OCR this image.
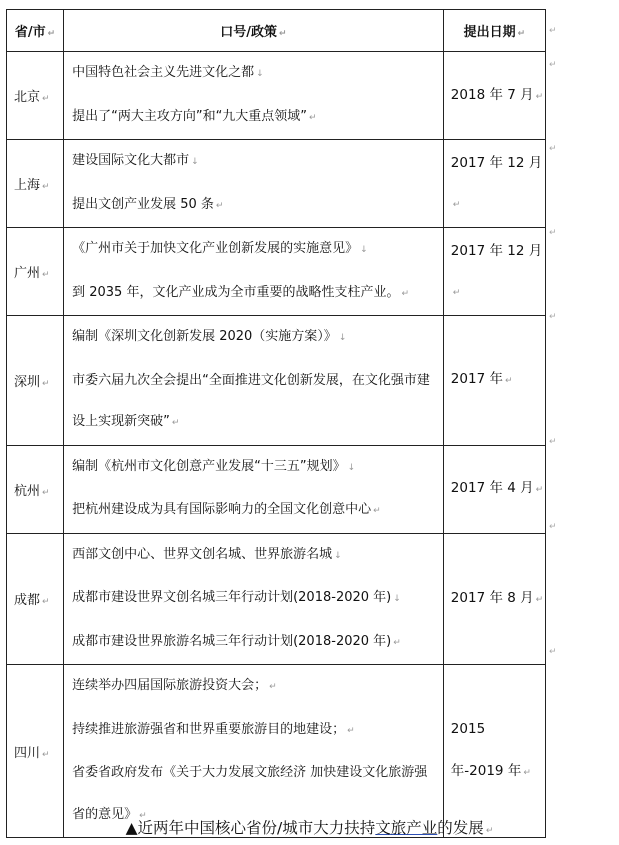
省/市 ↵	口号/政策 ↵	提出日期 ↵
北京 ↵	中国特色社会主义先进文化之都 ↓
提出了“两大主攻方向”和“九大重点领域” ↵	2018 年 7 月 ↵
上海 ↵	建设国际文化大都市 ↓
提出文创产业发展 50 条 ↵	2017 年 12 月↵
广州 ↵	《广州市关于加快文化产业创新发展的实施意见》 ↓
到 2035 年，文化产业成为全市重要的战略性支柱产业。 ↵	2017 年 12 月↵
深圳 ↵	编制《深圳文化创新发展 2020（实施方案）》 ↓
市委六届九次全会提出“全面推进文化创新发展，在文化强市建设上实现新突破” ↵	2017 年 ↵
杭州 ↵	编制《杭州市文化创意产业发展“十三五”规划》 ↓
把杭州建设成为具有国际影响力的全国文化创意中心 ↵	2017 年 4 月 ↵
成都 ↵	西部文创中心、世界文创名城、世界旅游名城 ↓
成都市建设世界文创名城三年行动计划(2018-2020 年) ↓
成都市建设世界旅游名城三年行动计划(2018-2020 年) ↵	2017 年 8 月 ↵
四川 ↵	连续举办四届国际旅游投资大会； ↵
持续推进旅游强省和世界重要旅游目的地建设； ↵
省委省政府发布《关于大力发展文旅经济 加快建设文化旅游强省的意见》 ↵	2015 年-2019 年 ↵
↵
↵
↵
↵
↵
↵
↵
↵
▲近两年中国核心省份/城市大力扶持文旅产业的发展 ↵
